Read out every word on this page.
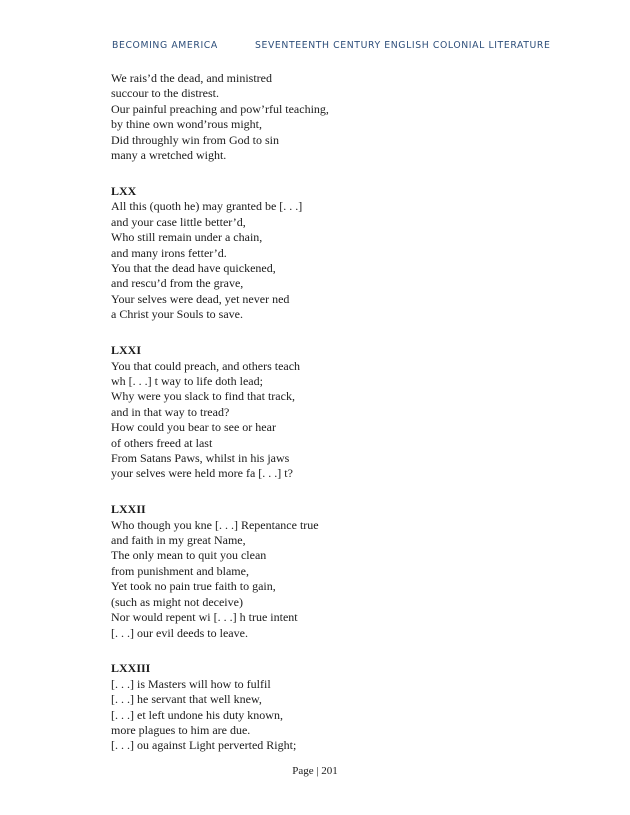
BECOMING AMERICA	SEVENTEENTH CENTURY ENGLISH COLONIAL LITERATURE
We rais’d the dead, and ministred
succour to the distrest.
Our painful preaching and pow’rful teaching,
by thine own wond’rous might,
Did throughly win from God to sin
many a wretched wight.
LXX
All this (quoth he) may granted be [. . .]
and your case little better’d,
Who still remain under a chain,
and many irons fetter’d.
You that the dead have quickened,
and rescu’d from the grave,
Your selves were dead, yet never ned
a Christ your Souls to save.
LXXI
You that could preach, and others teach
wh [. . .] t way to life doth lead;
Why were you slack to find that track,
and in that way to tread?
How could you bear to see or hear
of others freed at last
From Satans Paws, whilst in his jaws
your selves were held more fa [. . .] t?
LXXII
Who though you kne [. . .] Repentance true
and faith in my great Name,
The only mean to quit you clean
from punishment and blame,
Yet took no pain true faith to gain,
(such as might not deceive)
Nor would repent wi [. . .] h true intent
[. . .] our evil deeds to leave.
LXXIII
[. . .] is Masters will how to fulfil
[. . .] he servant that well knew,
[. . .] et left undone his duty known,
more plagues to him are due.
[. . .] ou against Light perverted Right;
Page | 201
